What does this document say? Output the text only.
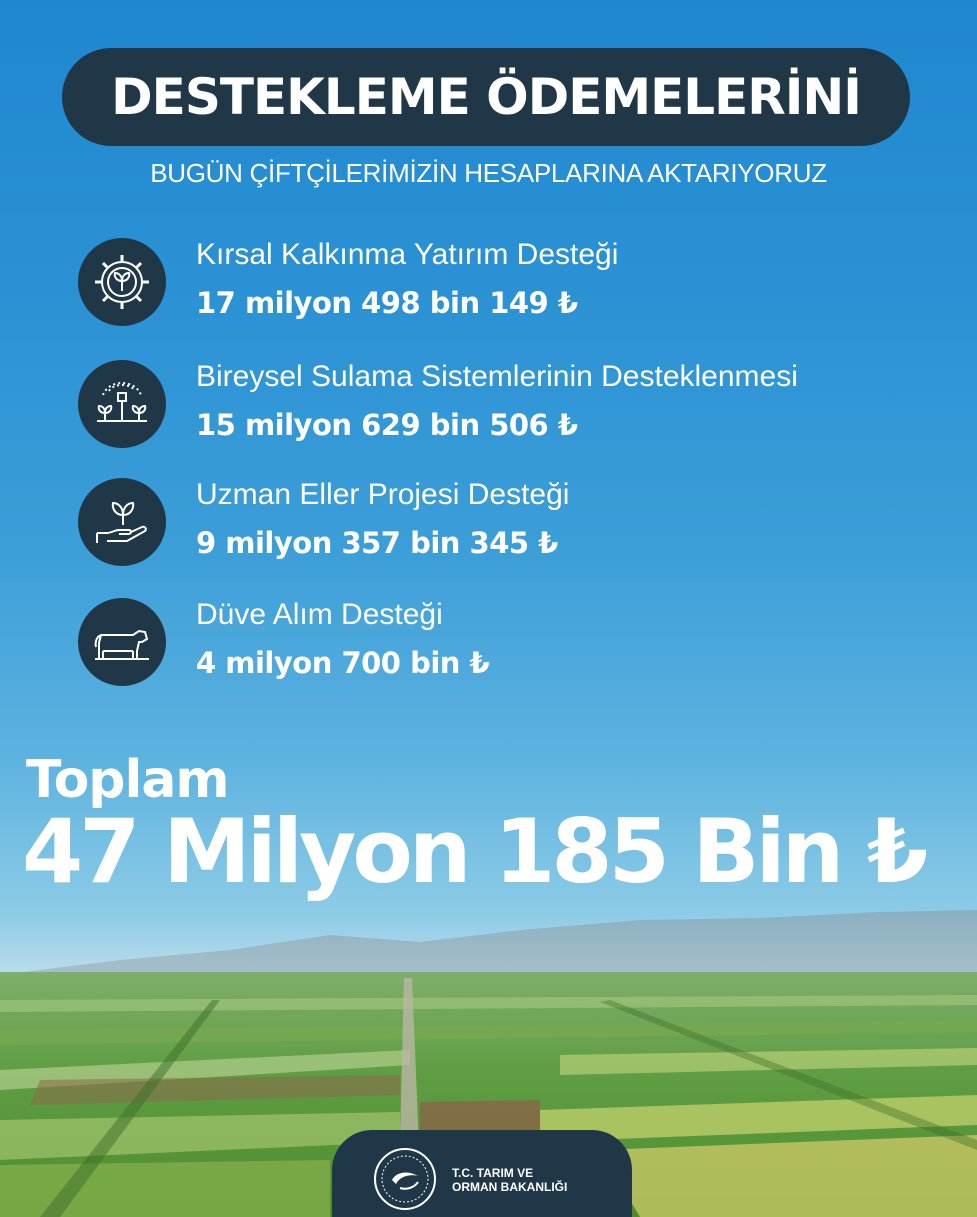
DESTEKLEME ÖDEMELERİNİ
BUGÜN ÇİFTÇİLERİMİZİN HESAPLARINA AKTARIYORUZ
Kırsal Kalkınma Yatırım Desteği
17 milyon 498 bin 149 ₺
Bireysel Sulama Sistemlerinin Desteklenmesi
15 milyon 629 bin 506 ₺
Uzman Eller Projesi Desteği
9 milyon 357 bin 345 ₺
Düve Alım Desteği
4 milyon 700 bin ₺
Toplam
47 Milyon 185 Bin ₺
T.C. TARIM VE
ORMAN BAKANLIĞI
